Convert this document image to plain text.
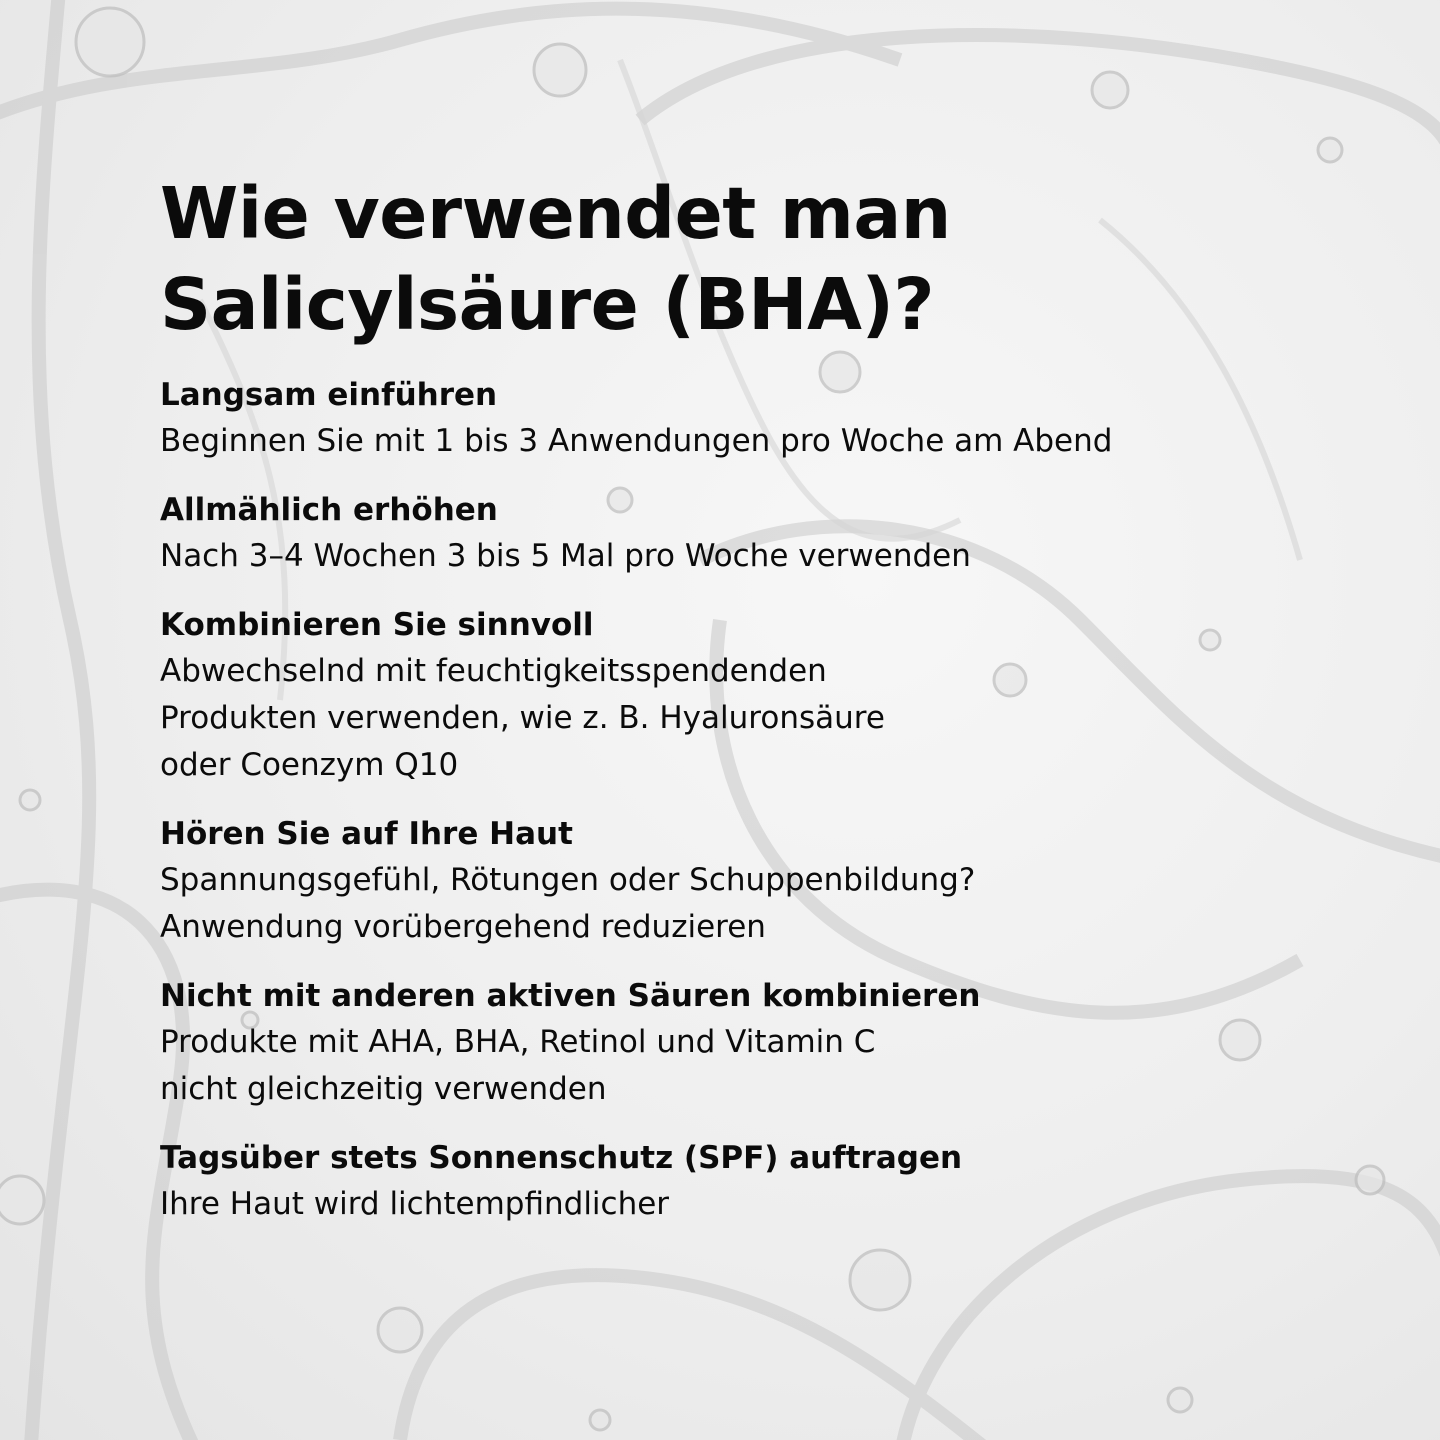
Wie verwendet man
Salicylsäure (BHA)?
Langsam einführen
Beginnen Sie mit 1 bis 3 Anwendungen pro Woche am Abend
Allmählich erhöhen
Nach 3–4 Wochen 3 bis 5 Mal pro Woche verwenden
Kombinieren Sie sinnvoll
Abwechselnd mit feuchtigkeitsspendenden
Produkten verwenden, wie z. B. Hyaluronsäure
oder Coenzym Q10
Hören Sie auf Ihre Haut
Spannungsgefühl, Rötungen oder Schuppenbildung?
Anwendung vorübergehend reduzieren
Nicht mit anderen aktiven Säuren kombinieren
Produkte mit AHA, BHA, Retinol und Vitamin C
nicht gleichzeitig verwenden
Tagsüber stets Sonnenschutz (SPF) auftragen
Ihre Haut wird lichtempfindlicher
